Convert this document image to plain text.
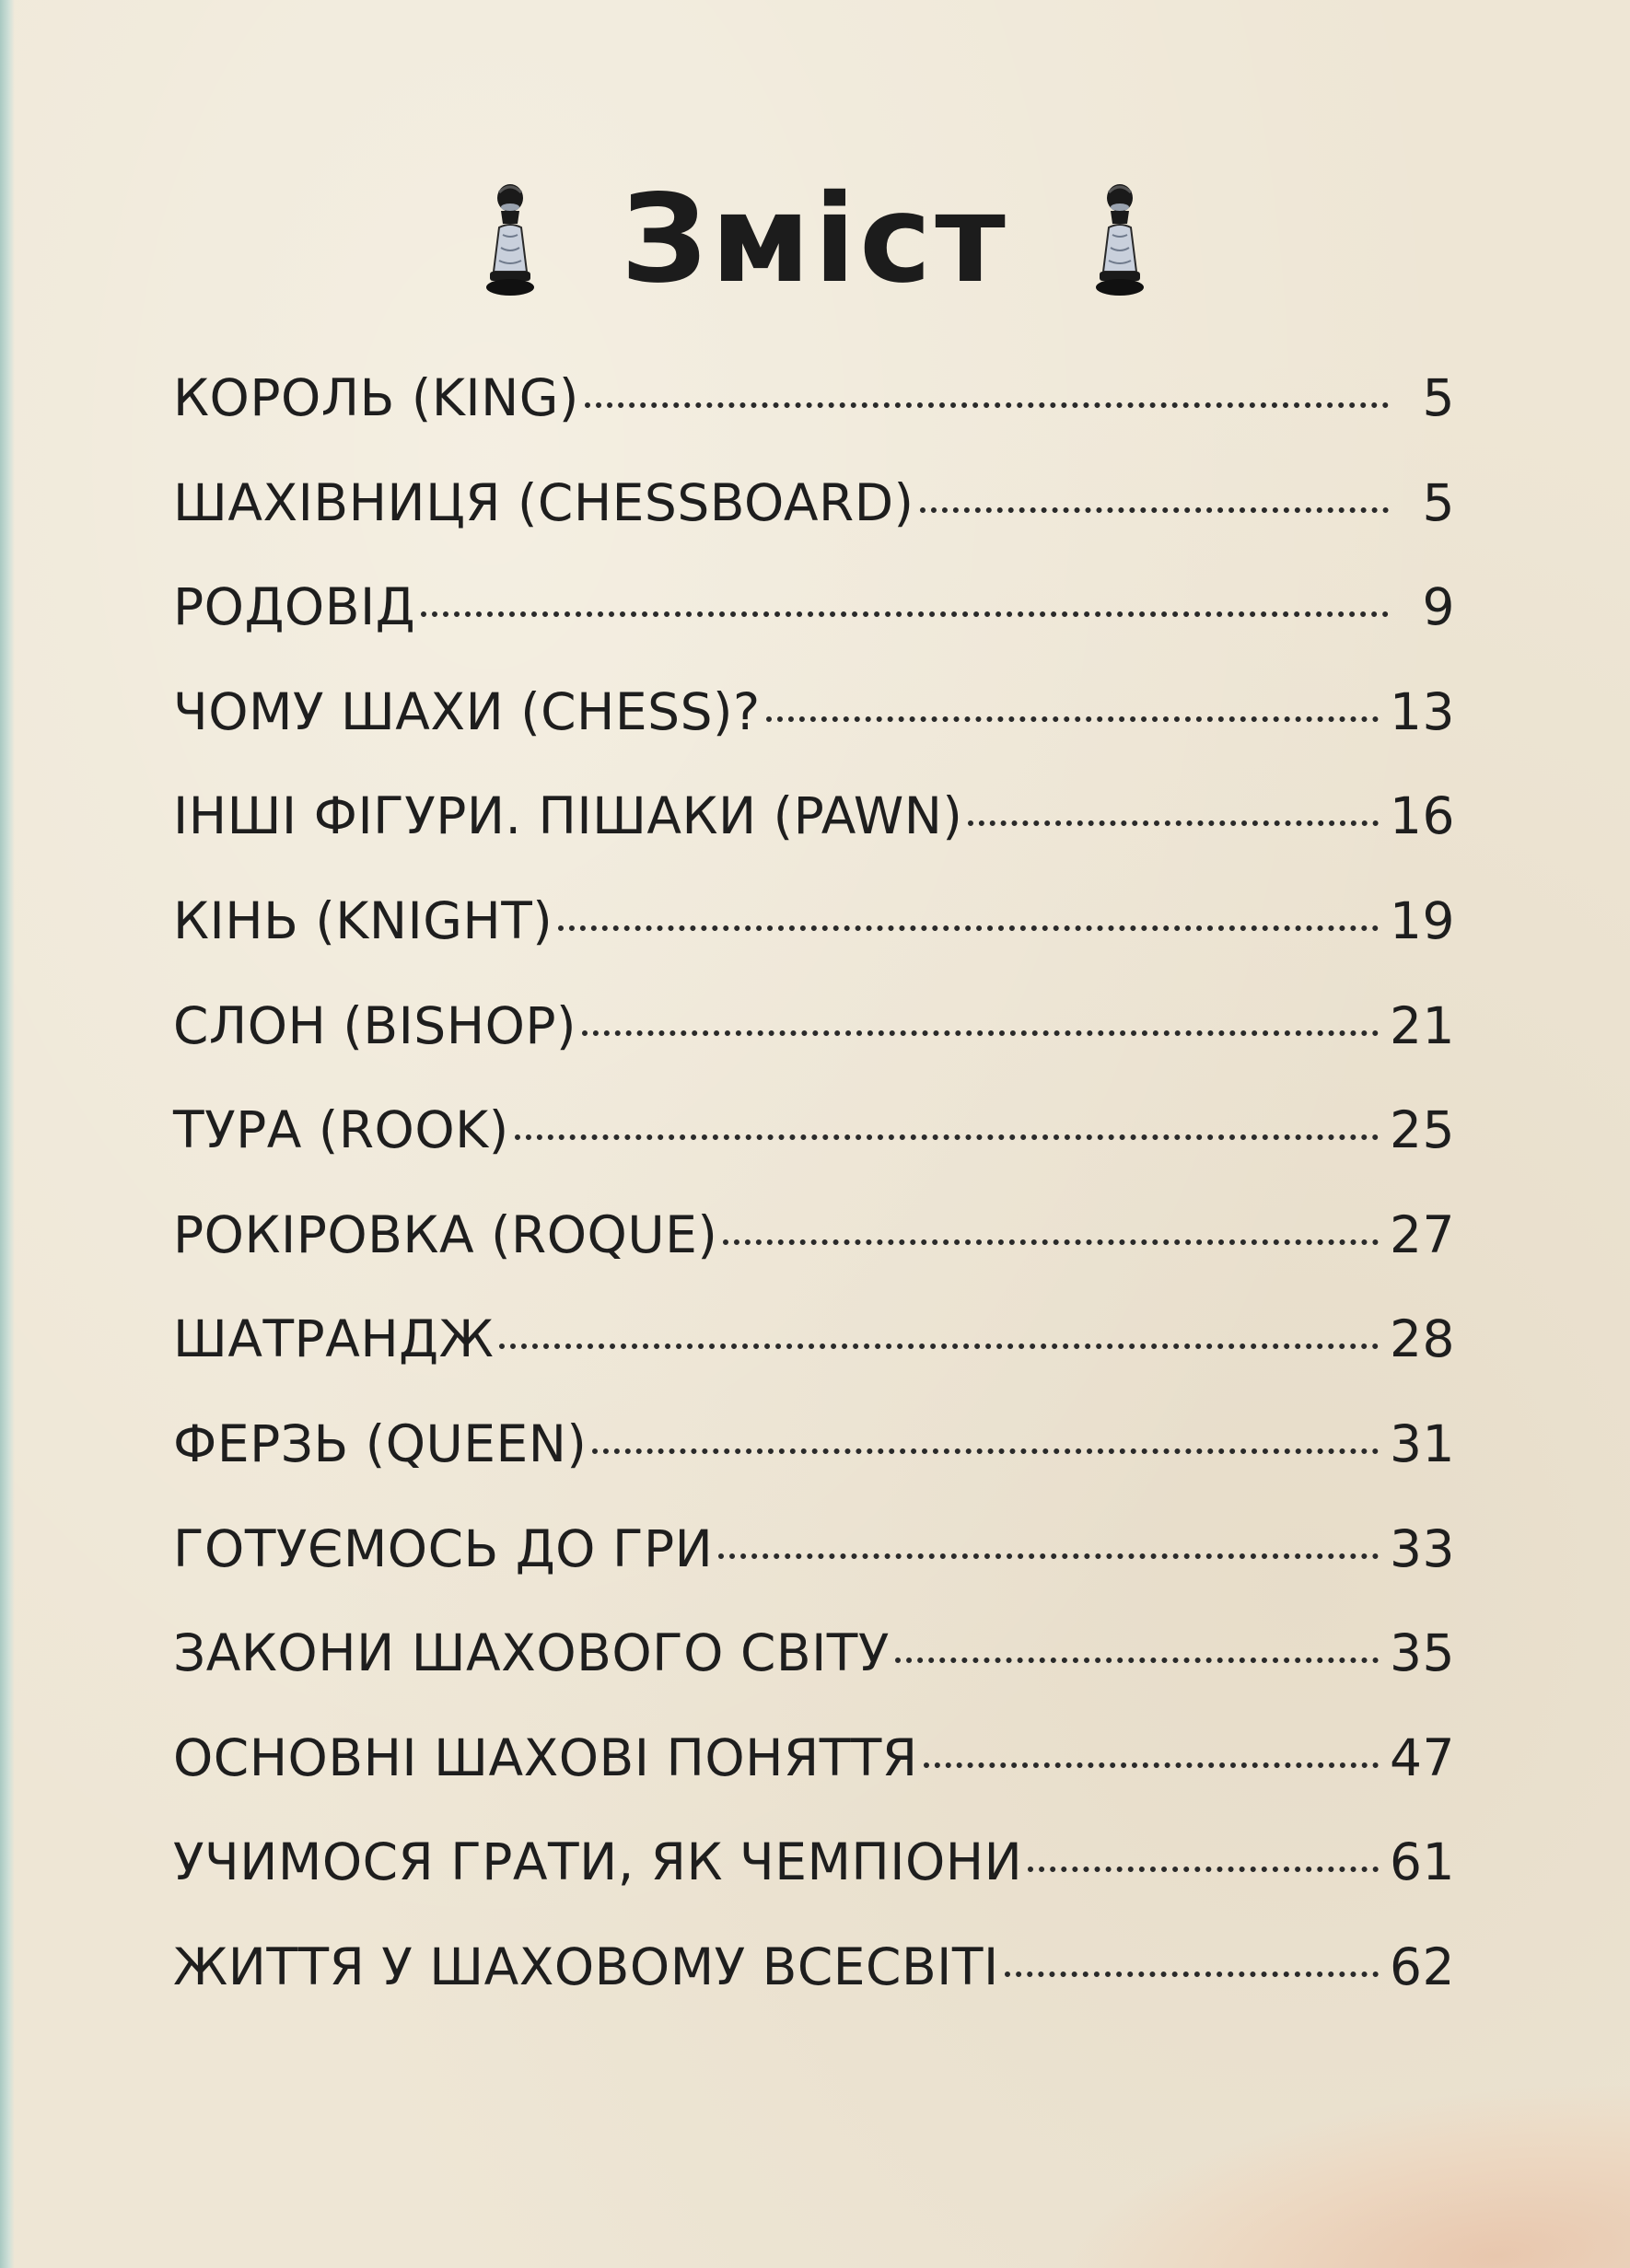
Зміст
КОРОЛЬ (KING)	5
ШАХІВНИЦЯ (CHESSBOARD)	5
РОДОВІД	9
ЧОМУ ШАХИ (CHESS)?	13
ІНШІ ФІГУРИ. ПІШАКИ (PAWN)	16
КІНЬ (KNIGHT)	19
СЛОН (BISHOP)	21
ТУРА (ROOK)	25
РОКІРОВКА (ROQUE)	27
ШАТРАНДЖ	28
ФЕРЗЬ (QUEEN)	31
ГОТУЄМОСЬ ДО ГРИ	33
ЗАКОНИ ШАХОВОГО СВІТУ	35
ОСНОВНІ ШАХОВІ ПОНЯТТЯ	47
УЧИМОСЯ ГРАТИ, ЯК ЧЕМПІОНИ	61
ЖИТТЯ У ШАХОВОМУ ВСЕСВІТІ	62
